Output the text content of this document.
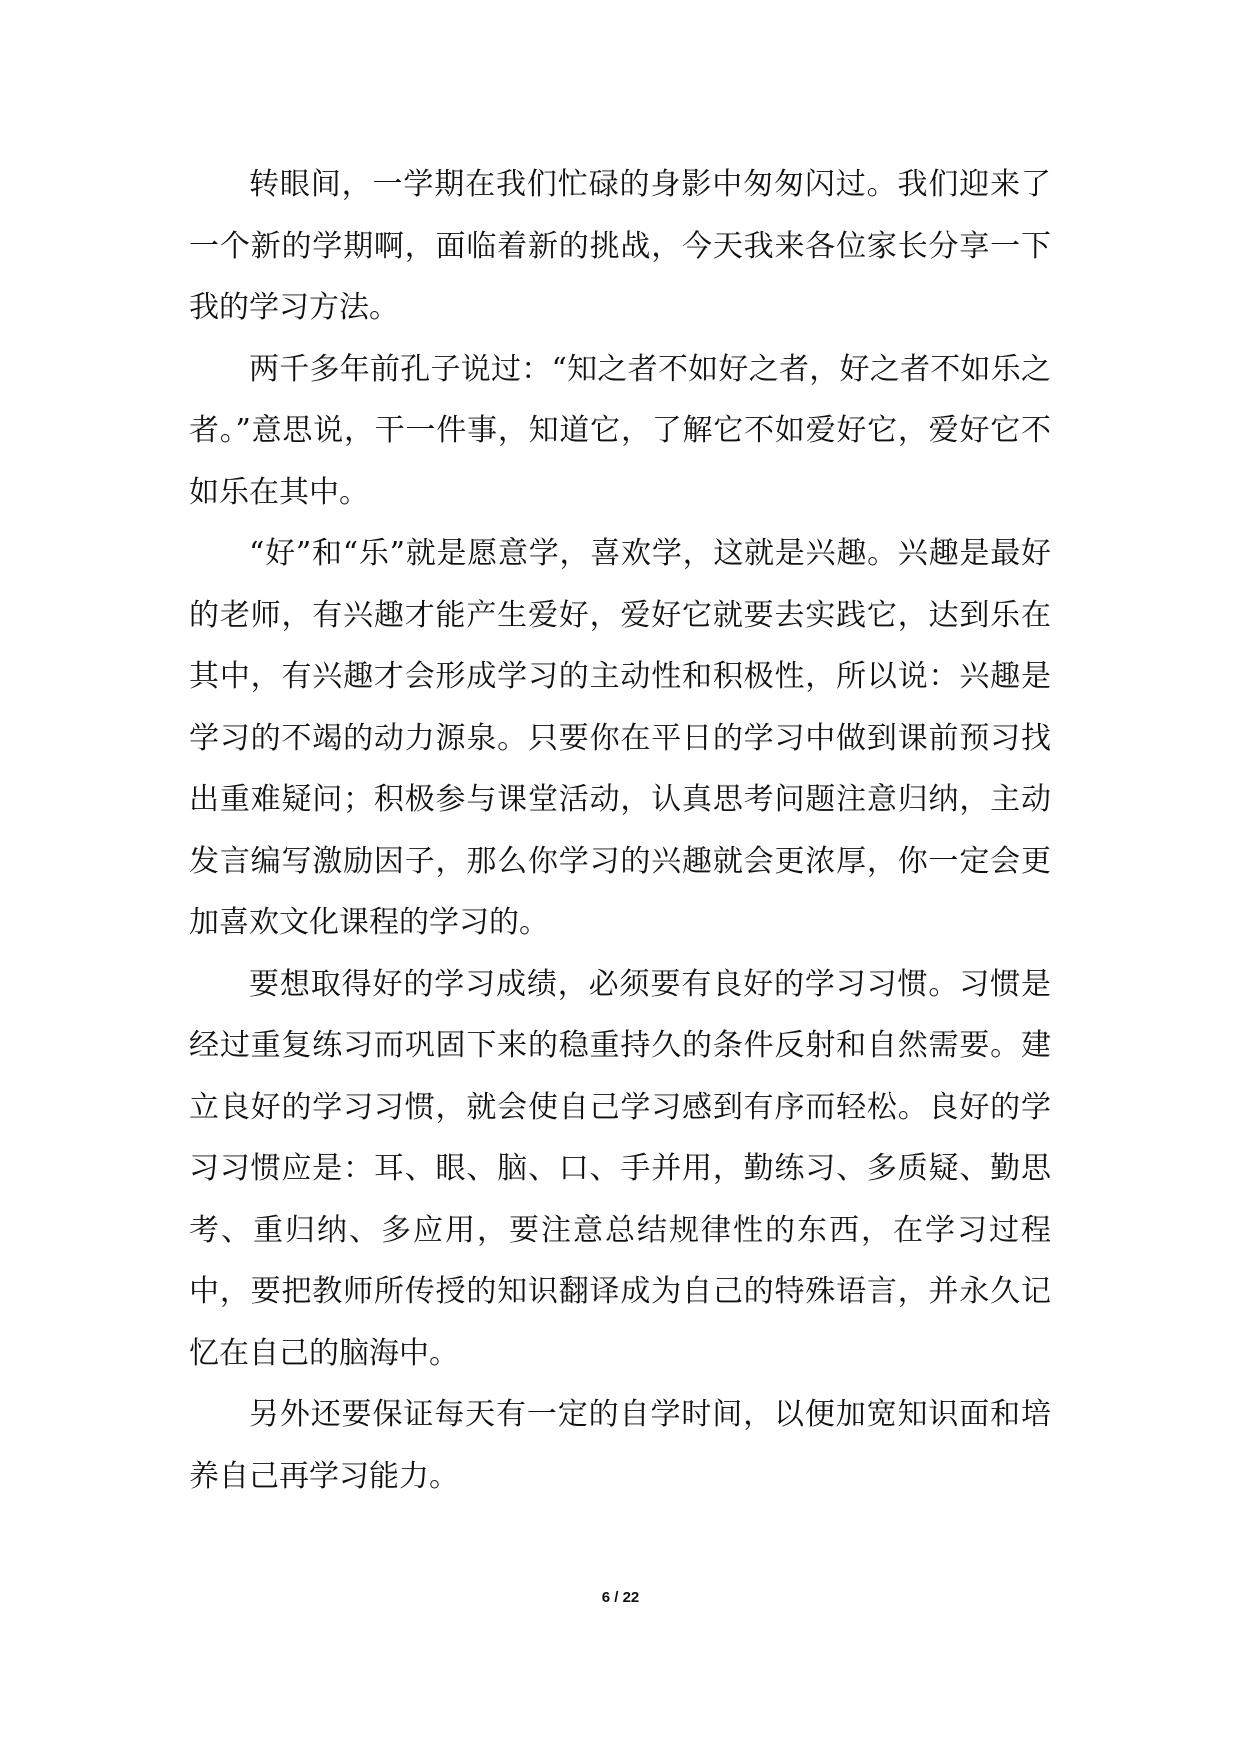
转眼间，一学期在我们忙碌的身影中匆匆闪过。我们迎来了一个新的学期啊，面临着新的挑战，今天我来各位家长分享一下我的学习方法。

两千多年前孔子说过：“知之者不如好之者，好之者不如乐之者。”意思说，干一件事，知道它，了解它不如爱好它，爱好它不如乐在其中。

“好”和“乐”就是愿意学，喜欢学，这就是兴趣。兴趣是最好的老师，有兴趣才能产生爱好，爱好它就要去实践它，达到乐在其中，有兴趣才会形成学习的主动性和积极性，所以说：兴趣是学习的不竭的动力源泉。只要你在平日的学习中做到课前预习找出重难疑问；积极参与课堂活动，认真思考问题注意归纳，主动发言编写激励因子，那么你学习的兴趣就会更浓厚，你一定会更加喜欢文化课程的学习的。

要想取得好的学习成绩，必须要有良好的学习习惯。习惯是经过重复练习而巩固下来的稳重持久的条件反射和自然需要。建立良好的学习习惯，就会使自己学习感到有序而轻松。良好的学习习惯应是：耳、眼、脑、口、手并用，勤练习、多质疑、勤思考、重归纳、多应用，要注意总结规律性的东西，在学习过程中，要把教师所传授的知识翻译成为自己的特殊语言，并永久记忆在自己的脑海中。

另外还要保证每天有一定的自学时间，以便加宽知识面和培养自己再学习能力。

6 / 22
